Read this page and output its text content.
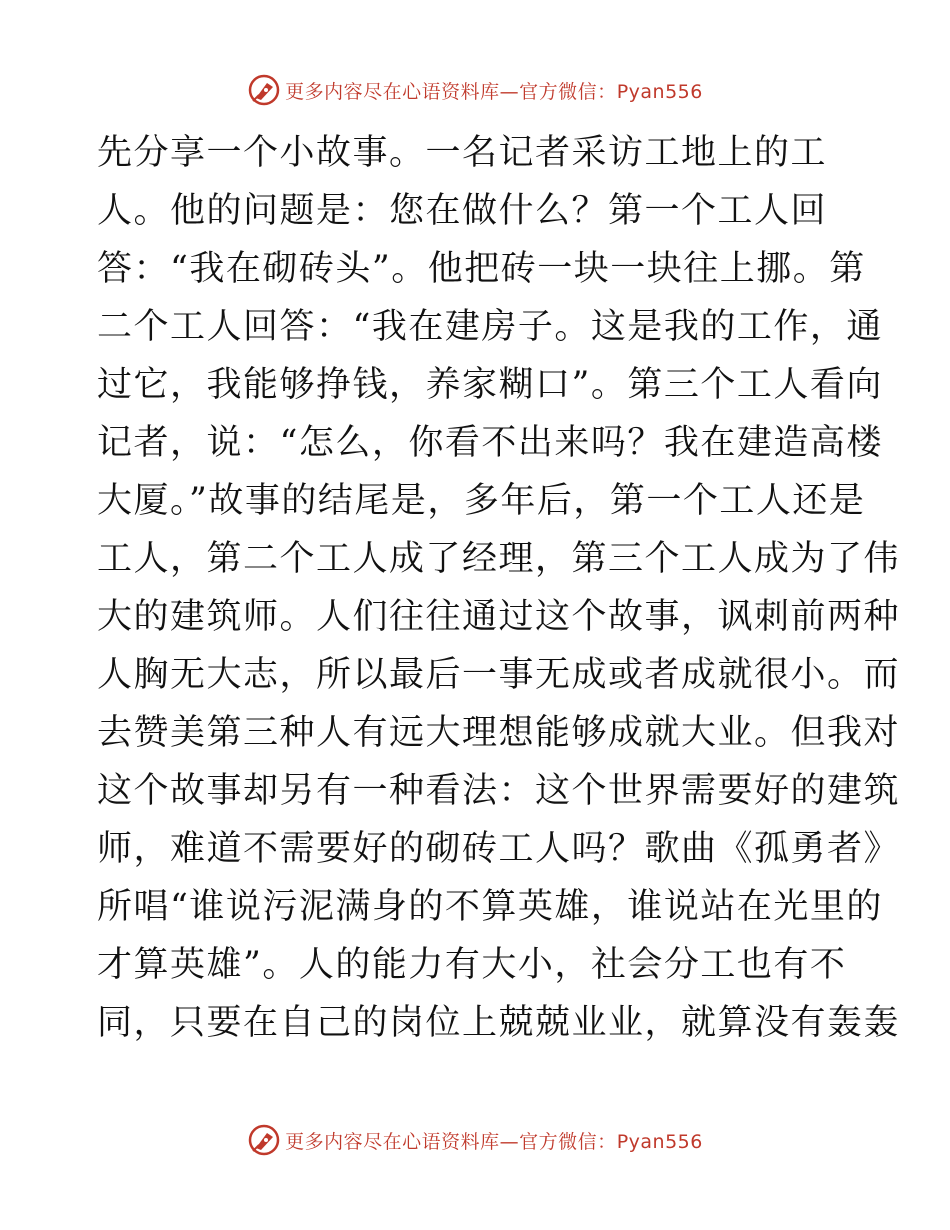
更多内容尽在心语资料库—官方微信：Pyan556
先分享一个小故事。一名记者采访工地上的工
人。他的问题是：您在做什么？第一个工人回
答：“我在砌砖头”。他把砖一块一块往上挪。第
二个工人回答：“我在建房子。这是我的工作，通
过它，我能够挣钱，养家糊口”。第三个工人看向
记者，说：“怎么，你看不出来吗？我在建造高楼
大厦。”故事的结尾是，多年后，第一个工人还是
工人，第二个工人成了经理，第三个工人成为了伟
大的建筑师。人们往往通过这个故事，讽刺前两种
人胸无大志，所以最后一事无成或者成就很小。而
去赞美第三种人有远大理想能够成就大业。但我对
这个故事却另有一种看法：这个世界需要好的建筑
师，难道不需要好的砌砖工人吗？歌曲《孤勇者》
所唱“谁说污泥满身的不算英雄，谁说站在光里的
才算英雄”。人的能力有大小，社会分工也有不
同，只要在自己的岗位上兢兢业业，就算没有轰轰
更多内容尽在心语资料库—官方微信：Pyan556
